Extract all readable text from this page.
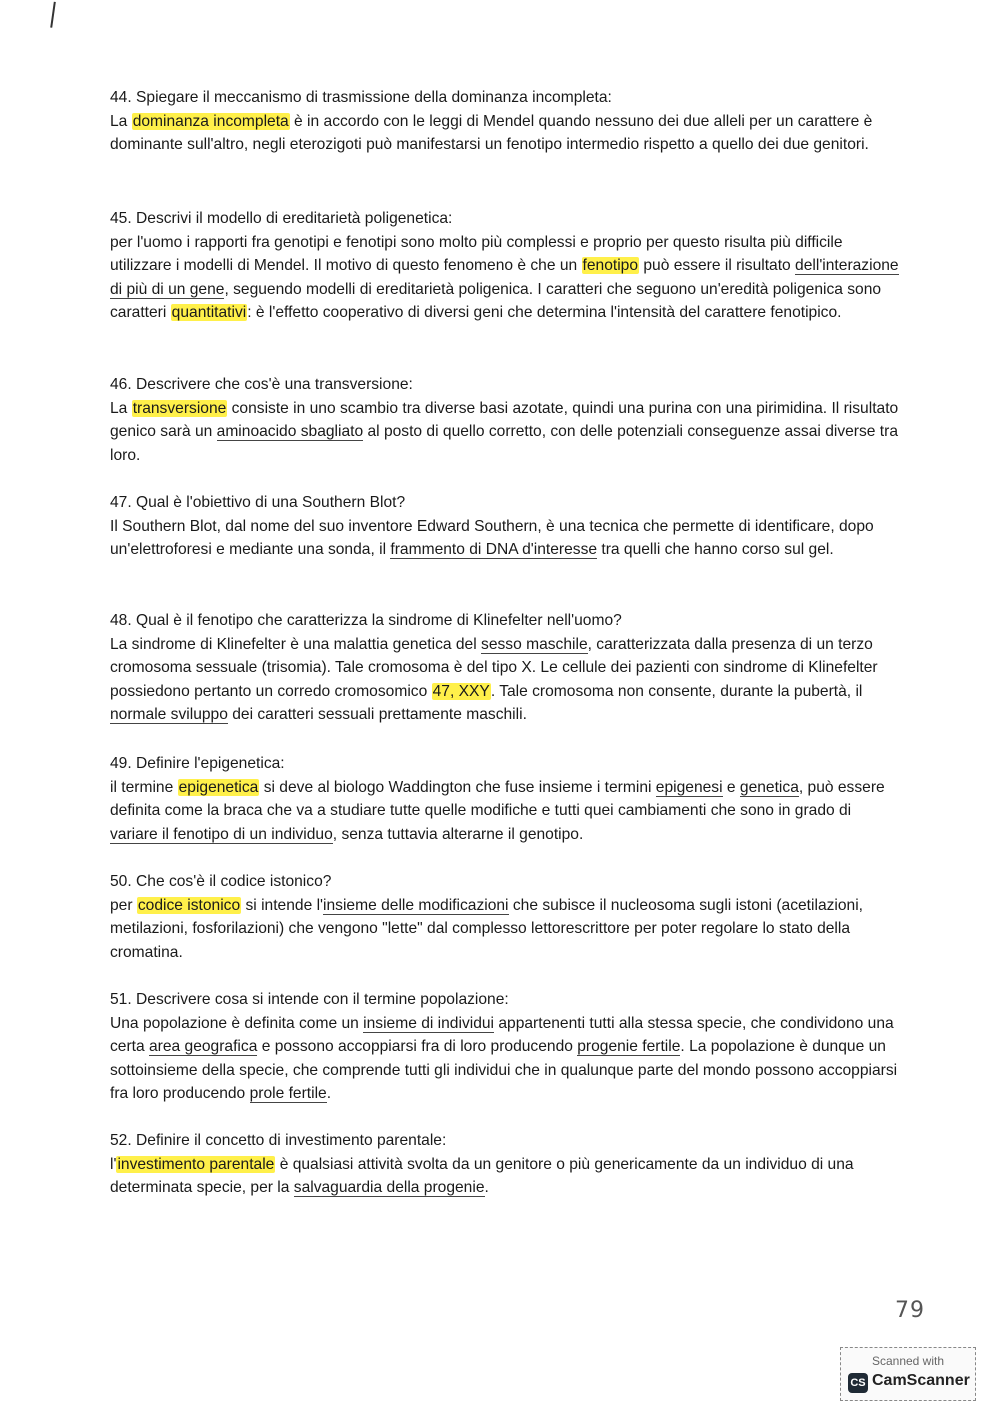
44. Spiegare il meccanismo di trasmissione della dominanza incompleta:

La dominanza incompleta è in accordo con le leggi di Mendel quando nessuno dei due alleli per un carattere è dominante sull'altro, negli eterozigoti può manifestarsi un fenotipo intermedio rispetto a quello dei due genitori.

45. Descrivi il modello di ereditarietà poligenetica:

per l'uomo i rapporti fra genotipi e fenotipi sono molto più complessi e proprio per questo risulta più difficile utilizzare i modelli di Mendel. Il motivo di questo fenomeno è che un fenotipo può essere il risultato dell'interazione di più di un gene, seguendo modelli di ereditarietà poligenica. I caratteri che seguono un'eredità poligenica sono caratteri quantitativi: è l'effetto cooperativo di diversi geni che determina l'intensità del carattere fenotipico.

46. Descrivere che cos'è una transversione:

La transversione consiste in uno scambio tra diverse basi azotate, quindi una purina con una pirimidina. Il risultato genico sarà un aminoacido sbagliato al posto di quello corretto, con delle potenziali conseguenze assai diverse tra loro.

47. Qual è l'obiettivo di una Southern Blot?

Il Southern Blot, dal nome del suo inventore Edward Southern, è una tecnica che permette di identificare, dopo un'elettroforesi e mediante una sonda, il frammento di DNA d'interesse tra quelli che hanno corso sul gel.

48. Qual è il fenotipo che caratterizza la sindrome di Klinefelter nell'uomo?

La sindrome di Klinefelter è una malattia genetica del sesso maschile, caratterizzata dalla presenza di un terzo cromosoma sessuale (trisomia). Tale cromosoma è del tipo X. Le cellule dei pazienti con sindrome di Klinefelter possiedono pertanto un corredo cromosomico 47, XXY. Tale cromosoma non consente, durante la pubertà, il normale sviluppo dei caratteri sessuali prettamente maschili.

49. Definire l'epigenetica:

il termine epigenetica si deve al biologo Waddington che fuse insieme i termini epigenesi e genetica, può essere definita come la braca che va a studiare tutte quelle modifiche e tutti quei cambiamenti che sono in grado di variare il fenotipo di un individuo, senza tuttavia alterarne il genotipo.

50. Che cos'è il codice istonico?

per codice istonico si intende l'insieme delle modificazioni che subisce il nucleosoma sugli istoni (acetilazioni, metilazioni, fosforilazioni) che vengono "lette" dal complesso lettorescrittore per poter regolare lo stato della cromatina.

51. Descrivere cosa si intende con il termine popolazione:

Una popolazione è definita come un insieme di individui appartenenti tutti alla stessa specie, che condividono una certa area geografica e possono accoppiarsi fra di loro producendo progenie fertile. La popolazione è dunque un sottoinsieme della specie, che comprende tutti gli individui che in qualunque parte del mondo possono accoppiarsi fra loro producendo prole fertile.

52. Definire il concetto di investimento parentale:

l'investimento parentale è qualsiasi attività svolta da un genitore o più genericamente da un individuo di una determinata specie, per la salvaguardia della progenie.

79
Scanned with
CS CamScanner
